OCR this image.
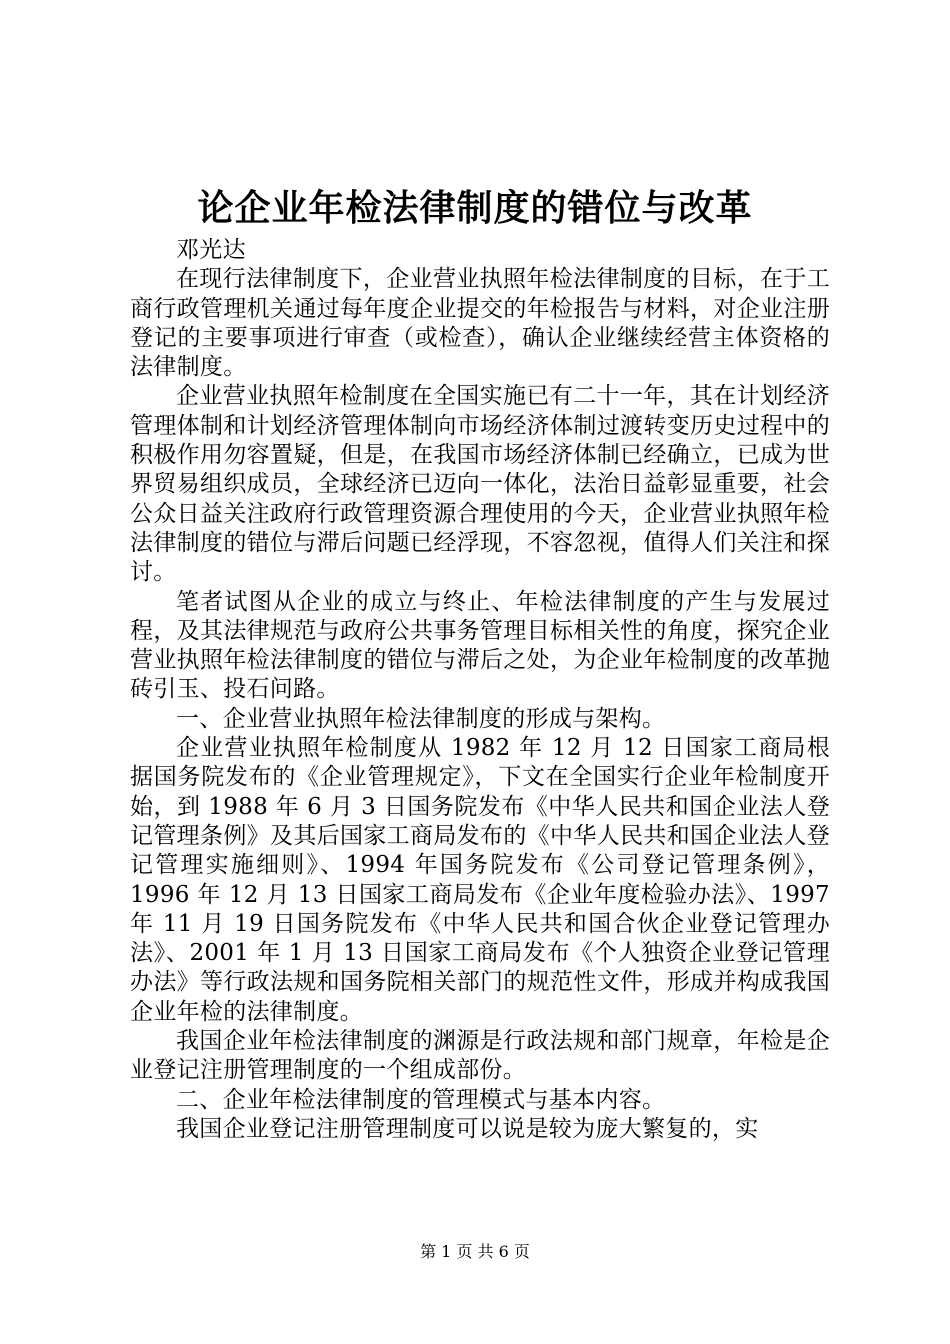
论企业年检法律制度的错位与改革

邓光达

在现行法律制度下，企业营业执照年检法律制度的目标，在于工商行政管理机关通过每年度企业提交的年检报告与材料，对企业注册登记的主要事项进行审查（或检查），确认企业继续经营主体资格的法律制度。

企业营业执照年检制度在全国实施已有二十一年，其在计划经济管理体制和计划经济管理体制向市场经济体制过渡转变历史过程中的积极作用勿容置疑，但是，在我国市场经济体制已经确立，已成为世界贸易组织成员，全球经济已迈向一体化，法治日益彰显重要，社会公众日益关注政府行政管理资源合理使用的今天，企业营业执照年检法律制度的错位与滞后问题已经浮现，不容忽视，值得人们关注和探讨。

笔者试图从企业的成立与终止、年检法律制度的产生与发展过程，及其法律规范与政府公共事务管理目标相关性的角度，探究企业营业执照年检法律制度的错位与滞后之处，为企业年检制度的改革抛砖引玉、投石问路。

一、企业营业执照年检法律制度的形成与架构。

企业营业执照年检制度从 1982 年 12 月 12 日国家工商局根据国务院发布的《企业管理规定》，下文在全国实行企业年检制度开始，到 1988 年 6 月 3 日国务院发布《中华人民共和国企业法人登记管理条例》及其后国家工商局发布的《中华人民共和国企业法人登记管理实施细则》、1994 年国务院发布《公司登记管理条例》，1996 年 12 月 13 日国家工商局发布《企业年度检验办法》、1997 年 11 月 19 日国务院发布《中华人民共和国合伙企业登记管理办法》、2001 年 1 月 13 日国家工商局发布《个人独资企业登记管理办法》等行政法规和国务院相关部门的规范性文件，形成并构成我国企业年检的法律制度。

我国企业年检法律制度的渊源是行政法规和部门规章，年检是企业登记注册管理制度的一个组成部份。

二、企业年检法律制度的管理模式与基本内容。

我国企业登记注册管理制度可以说是较为庞大繁复的，实

第 1 页 共 6 页
